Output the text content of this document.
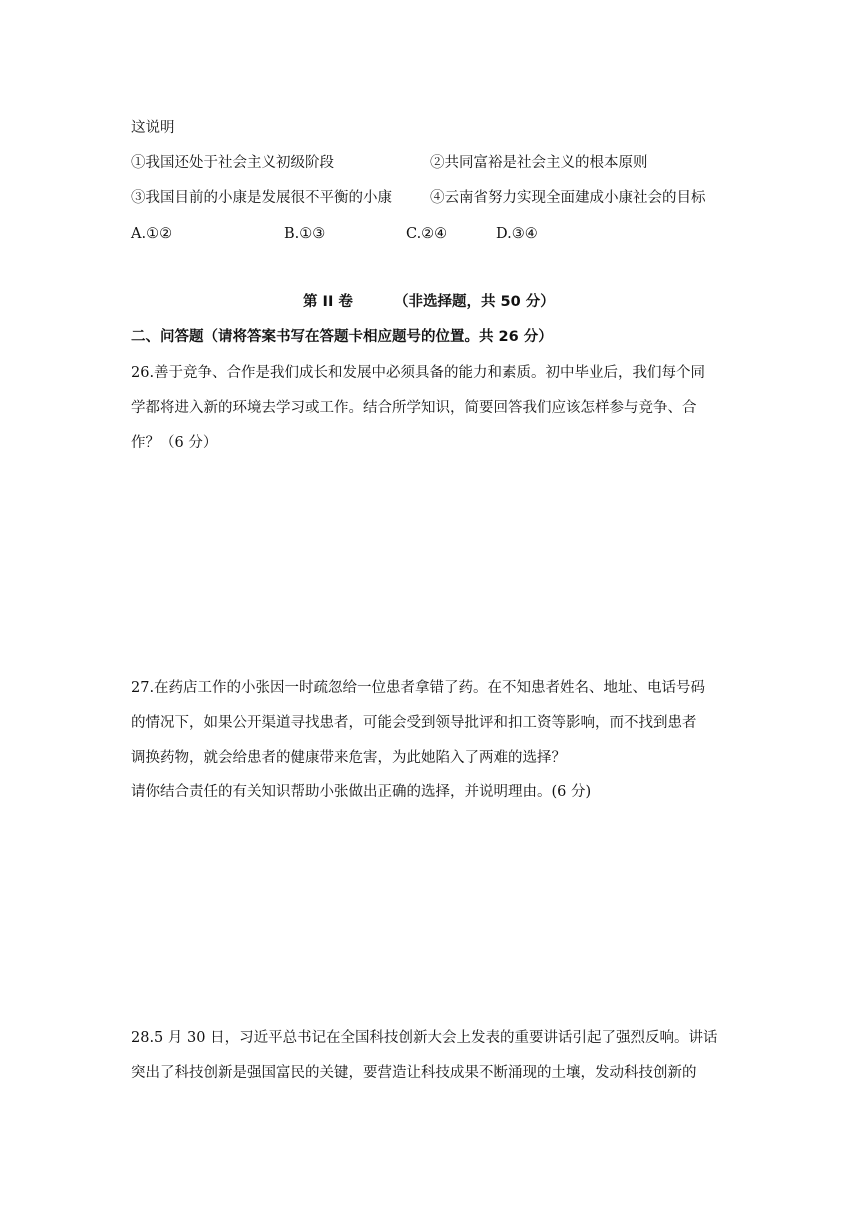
这说明
①我国还处于社会主义初级阶段	②共同富裕是社会主义的根本原则
③我国目前的小康是发展很不平衡的小康	④云南省努力实现全面建成小康社会的目标
A.①②	B.①③	C.②④	D.③④
第 II 卷	（非选择题，共 50 分）
二、问答题（请将答案书写在答题卡相应题号的位置。共 26 分）
26.善于竞争、合作是我们成长和发展中必须具备的能力和素质。初中毕业后，我们每个同
学都将进入新的环境去学习或工作。结合所学知识，简要回答我们应该怎样参与竞争、合
作？（6 分）
27.在药店工作的小张因一时疏忽给一位患者拿错了药。在不知患者姓名、地址、电话号码
的情况下，如果公开渠道寻找患者，可能会受到领导批评和扣工资等影响，而不找到患者
调换药物，就会给患者的健康带来危害，为此她陷入了两难的选择？
请你结合责任的有关知识帮助小张做出正确的选择，并说明理由。(6 分)
28.5 月 30 日，习近平总书记在全国科技创新大会上发表的重要讲话引起了强烈反响。讲话
突出了科技创新是强国富民的关键，要营造让科技成果不断涌现的土壤，发动科技创新的
